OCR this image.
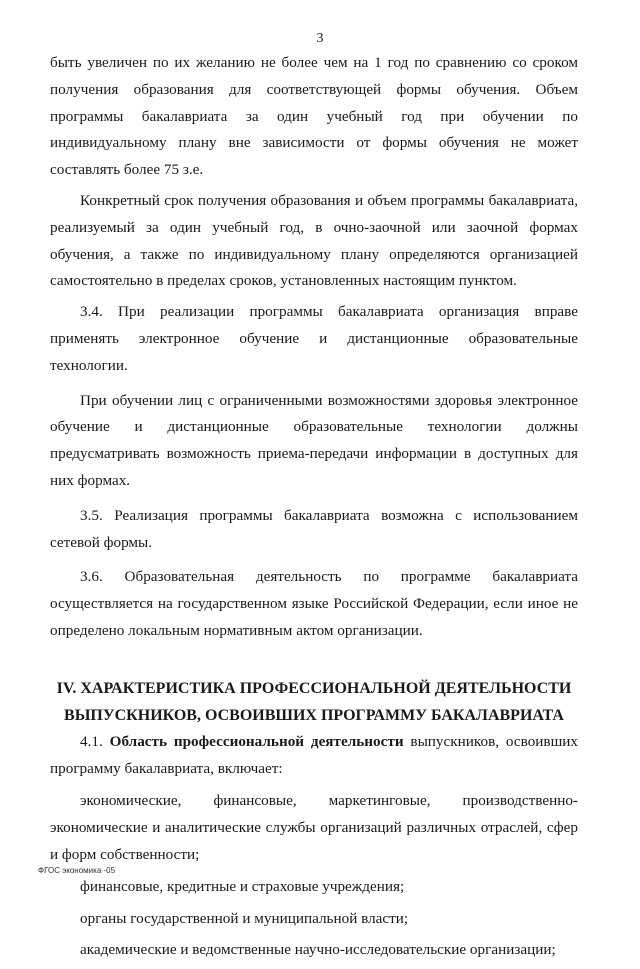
3

быть увеличен по их желанию не более чем на 1 год по сравнению со сроком получения образования для соответствующей формы обучения. Объем программы бакалавриата за один учебный год при обучении по индивидуальному плану вне зависимости от формы обучения не может составлять более 75 з.е.

Конкретный срок получения образования и объем программы бакалавриата, реализуемый за один учебный год, в очно-заочной или заочной формах обучения, а также по индивидуальному плану определяются организацией самостоятельно в пределах сроков, установленных настоящим пунктом.

3.4. При реализации программы бакалавриата организация вправе применять электронное обучение и дистанционные образовательные технологии.

При обучении лиц с ограниченными возможностями здоровья электронное обучение и дистанционные образовательные технологии должны предусматривать возможность приема-передачи информации в доступных для них формах.

3.5. Реализация программы бакалавриата возможна с использованием сетевой формы.

3.6. Образовательная деятельность по программе бакалавриата осуществляется на государственном языке Российской Федерации, если иное не определено локальным нормативным актом организации.

IV. ХАРАКТЕРИСТИКА ПРОФЕССИОНАЛЬНОЙ ДЕЯТЕЛЬНОСТИ
ВЫПУСКНИКОВ, ОСВОИВШИХ ПРОГРАММУ БАКАЛАВРИАТА

4.1. Область профессиональной деятельности выпускников, освоивших программу бакалавриата, включает:

экономические, финансовые, маркетинговые, производственно-экономические и аналитические службы организаций различных отраслей, сфер и форм собственности;
финансовые, кредитные и страховые учреждения;
органы государственной и муниципальной власти;
академические и ведомственные научно-исследовательские организации;
ФГОС экономика -05
